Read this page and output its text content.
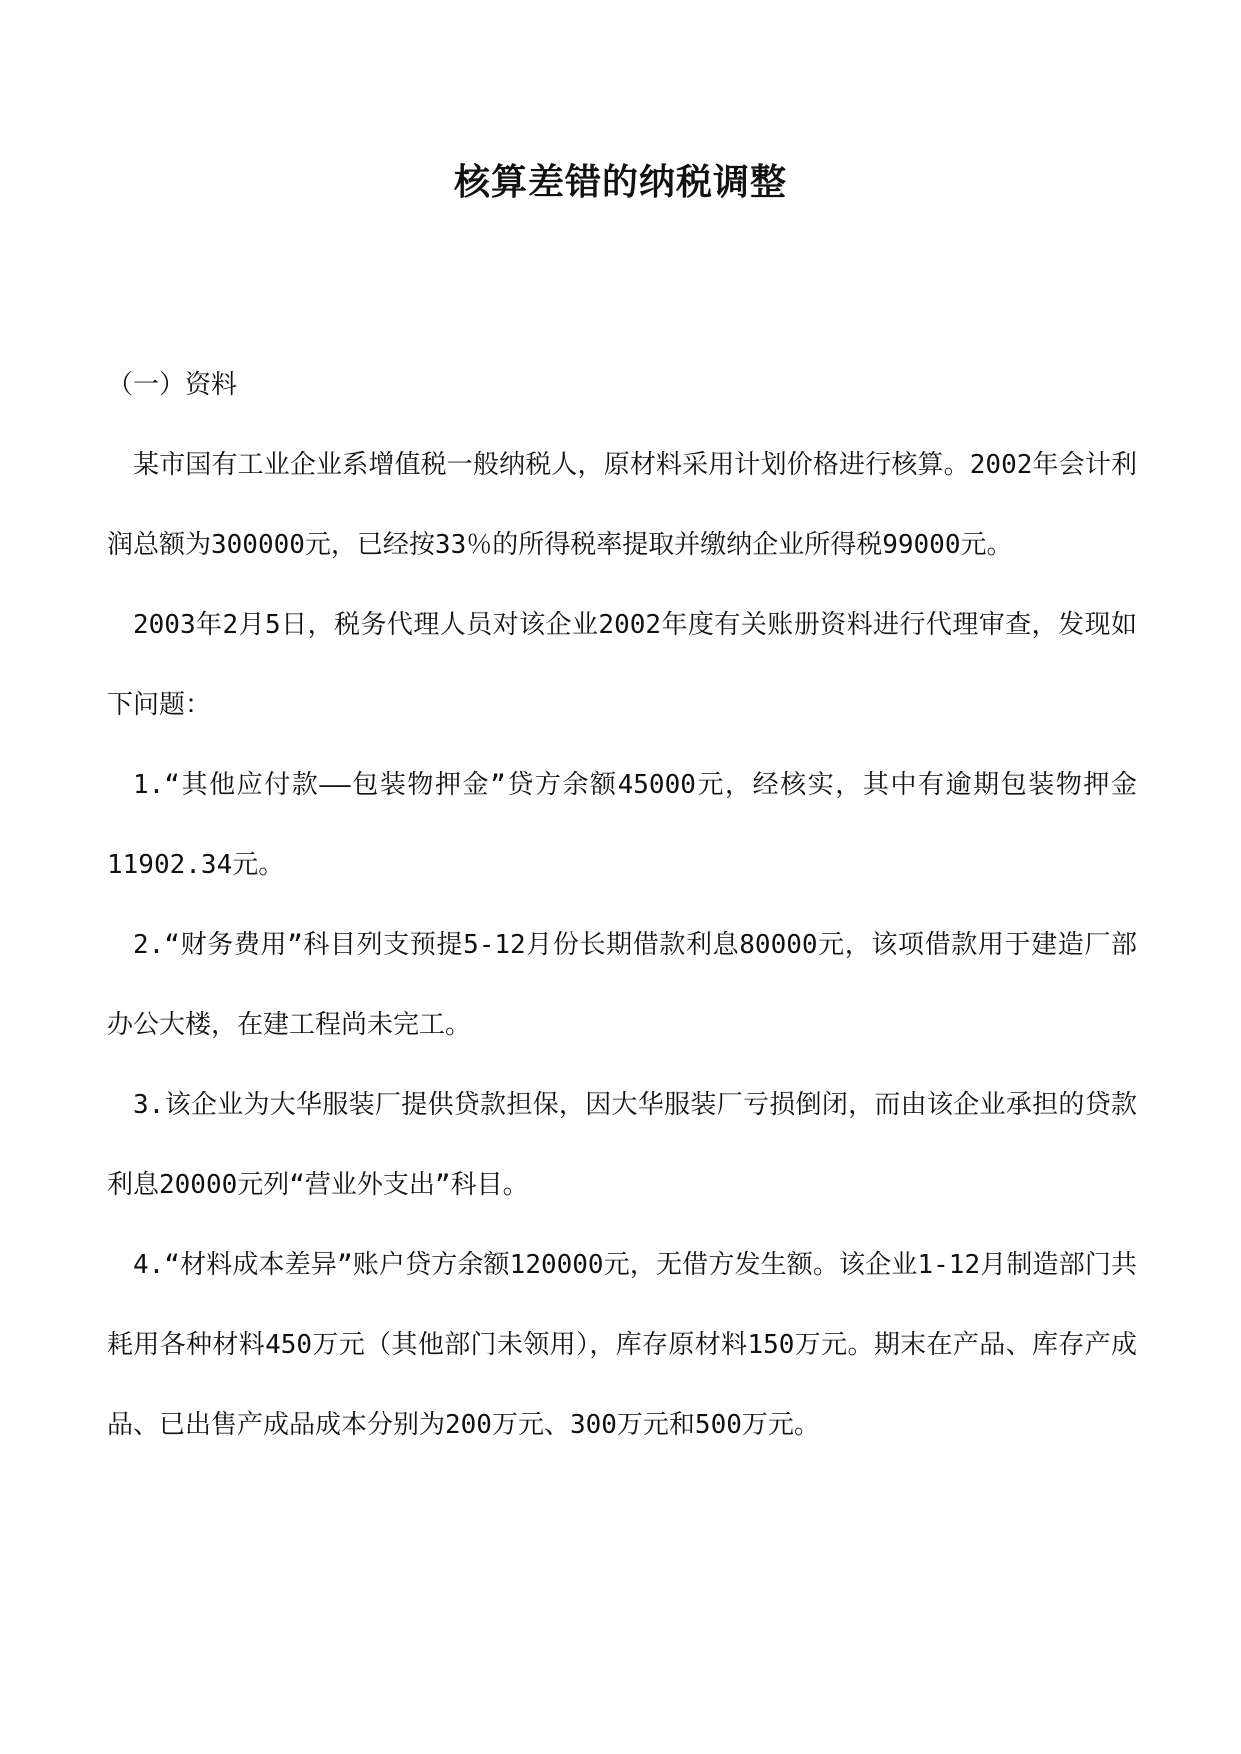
核算差错的纳税调整

（一）资料

某市国有工业企业系增值税一般纳税人，原材料采用计划价格进行核算。2002年会计利润总额为300000元，已经按33％的所得税率提取并缴纳企业所得税99000元。

2003年2月5日，税务代理人员对该企业2002年度有关账册资料进行代理审查，发现如下问题：

1.“其他应付款——包装物押金”贷方余额45000元，经核实，其中有逾期包装物押金11902.34元。

2.“财务费用”科目列支预提5-12月份长期借款利息80000元，该项借款用于建造厂部办公大楼，在建工程尚未完工。

3.该企业为大华服装厂提供贷款担保，因大华服装厂亏损倒闭，而由该企业承担的贷款利息20000元列“营业外支出”科目。

4.“材料成本差异”账户贷方余额120000元，无借方发生额。该企业1-12月制造部门共耗用各种材料450万元（其他部门未领用），库存原材料150万元。期末在产品、库存产成品、已出售产成品成本分别为200万元、300万元和500万元。
